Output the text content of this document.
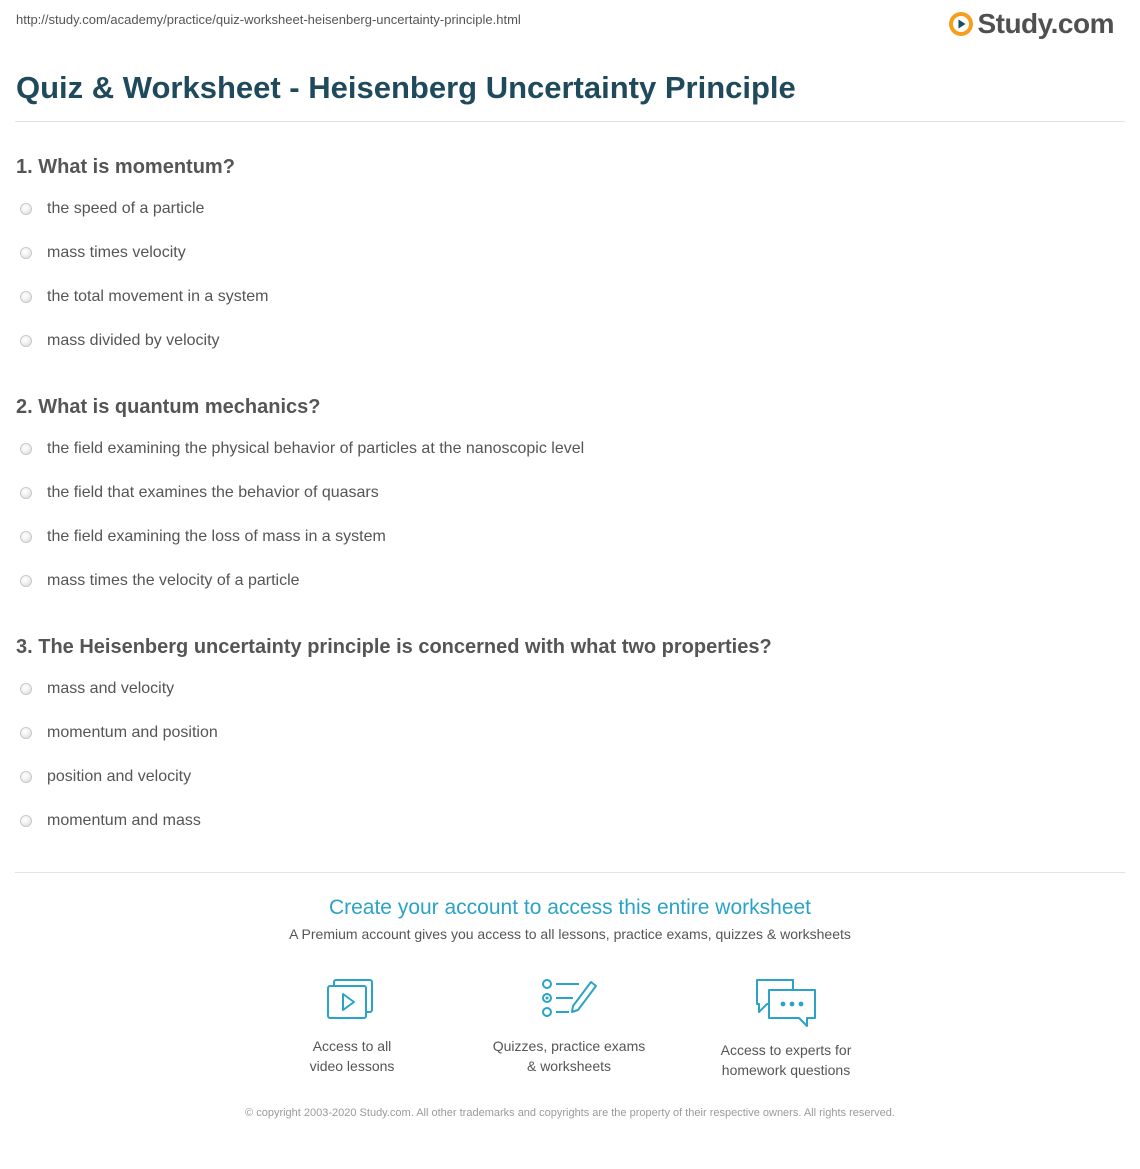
http://study.com/academy/practice/quiz-worksheet-heisenberg-uncertainty-principle.html	Study.com
Quiz & Worksheet - Heisenberg Uncertainty Principle
1. What is momentum?
the speed of a particle
mass times velocity
the total movement in a system
mass divided by velocity
2. What is quantum mechanics?
the field examining the physical behavior of particles at the nanoscopic level
the field that examines the behavior of quasars
the field examining the loss of mass in a system
mass times the velocity of a particle
3. The Heisenberg uncertainty principle is concerned with what two properties?
mass and velocity
momentum and position
position and velocity
momentum and mass
Create your account to access this entire worksheet
A Premium account gives you access to all lessons, practice exams, quizzes & worksheets
Access to all
video lessons
Quizzes, practice exams
& worksheets
Access to experts for
homework questions
© copyright 2003-2020 Study.com. All other trademarks and copyrights are the property of their respective owners. All rights reserved.
